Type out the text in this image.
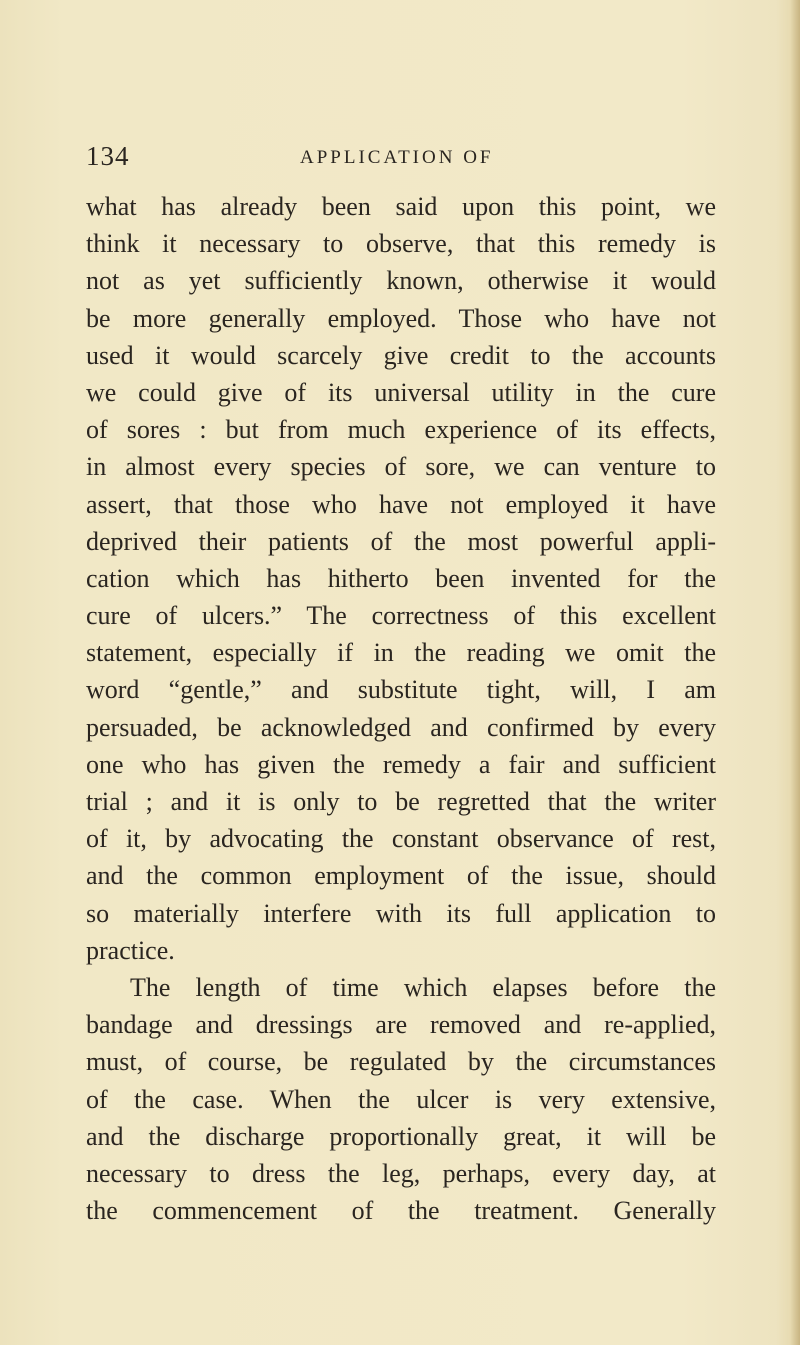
134	APPLICATION OF
what has already been said upon this point, we
think it necessary to observe, that this remedy is
not as yet sufficiently known, otherwise it would
be more generally employed. Those who have not
used it would scarcely give credit to the accounts
we could give of its universal utility in the cure
of sores : but from much experience of its effects,
in almost every species of sore, we can venture to
assert, that those who have not employed it have
deprived their patients of the most powerful appli-
cation which has hitherto been invented for the
cure of ulcers.” The correctness of this excellent
statement, especially if in the reading we omit the
word “gentle,” and substitute tight, will, I am
persuaded, be acknowledged and confirmed by every
one who has given the remedy a fair and sufficient
trial ; and it is only to be regretted that the writer
of it, by advocating the constant observance of rest,
and the common employment of the issue, should
so materially interfere with its full application to
practice.
The length of time which elapses before the
bandage and dressings are removed and re-applied,
must, of course, be regulated by the circumstances
of the case. When the ulcer is very extensive,
and the discharge proportionally great, it will be
necessary to dress the leg, perhaps, every day, at
the commencement of the treatment. Generally
